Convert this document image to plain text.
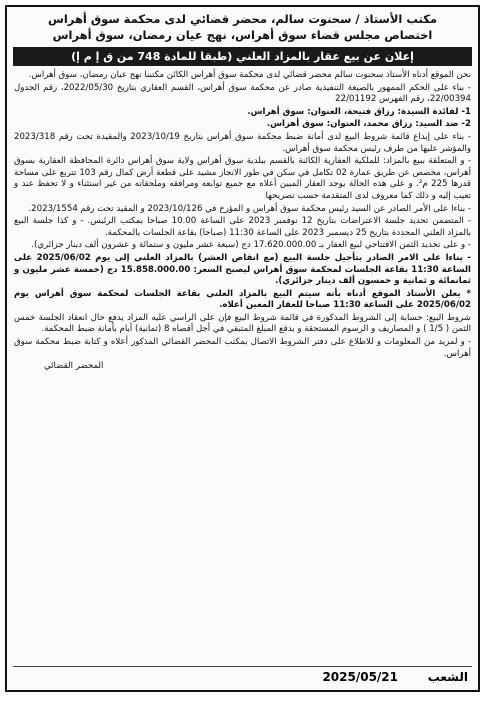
مكتب الأستاذ / سحنوت سالم، محضر قضائي لدى محكمة سوق أهراس
اختصاص مجلس قضاء سوق أهراس، نهج عيان رمضان، سوق أهراس
إعلان عن بيع عقار بالمزاد العلني (طبقا للمادة 748 من ق إ م إ)

نحن الموقع أدناه الأستاذ سحنوت سالم محضر قضائي لدى محكمة سوق أهراس الكائن مكتبنا نهج عيان رمضان، سوق أهراس.

- بناء على الحكم الممهور بالصيغة التنفيذية صادر عن محكمة سوق أهراس، القسم العقاري بتاريخ 2022/05/30، رقم الجدول 22/00394، رقم الفهرس 22/01192

1- لفائدة السيدة: رزاق فتيحة، العنوان: سوق أهراس.

2- ضد السيد: رزاق محمد، العنوان: سوق أهراس.

- بناء على إيداع قائمة شروط البيع لدى أمانة ضبط محكمة سوق أهراس بتاريخ 2023/10/19 والمقيدة تحت رقم 2023/318 والمؤشر عليها من طرف رئيس محكمة سوق أهراس.

- و المتعلقة ببيع بالمزاد: للملكية العقارية الكائنة بالقسم ببلدية سوق أهراس ولاية سوق أهراس دائرة المحافظة العقارية بسوق أهراس، مخصص عن طريق عمارة 02 تكامل في سكن في طور الانجاز مشيد على قطعة أرض كمال رقم 103 تتربع على مساحة قدرها 225 م². و على هذه الحالة يوجد العقار المبين أعلاه مع جميع توابعه ومرافقه وملحقاته من غير استثناء و لا تحفظ عند و تعيب إليه و ذلك كما معروف لدى المتقدمة حسب تصريحها

- بناءا على الأمر الصادر عن السيد رئيس محكمة سوق أهراس و المؤرخ في 2023/10/126 و المقيد تحت رقم 2023/1554.

- المتضمن تحديد جلسة الاعتراضات بتاريخ 12 نوفمبر 2023 على الساعة 10.00 صباحا بمكتب الرئيس. - و كذا جلسة البيع بالمزاد العلني المحددة بتاريخ 25 ديسمبر 2023 على الساعة 11:30 (صباحا) بقاعة الجلسات بالمحكمة.

- و على تحديد الثمن الافتتاحي لبيع العقار بـ 17.620.000.00 دج (سبعة عشر مليون و ستمائة و عشرون ألف دينار جزائري).

- بناءا على الامر الصادر بتأجيل جلسة البيع (مع انقاص العشر) بالمزاد العلني إلى يوم 2025/06/02 على الساعة 11:30 بقاعة الجلسات لمحكمة سوق أهراس ليصبح السعر: 15.858.000.00 دج (خمسة عشر مليون و ثمانمائة و ثمانية و خمسون ألف دينار جزائري).

* يعلن الأستاذ الموقع أدناه بأنه سيتم البيع بالمزاد العلني بقاعة الجلسات لمحكمة سوق أهراس يوم 2025/06/02 على الساعة 11:30 صباحا للعقار المعين أعلاه.

شروط البيع: حسابة إلى الشروط المذكورة في قائمة شروط البيع فإن على الراسي عليه المزاد يدفع حال انعقاد الجلسة خمس الثمن ( 1/5 ) و المصاريف و الرسوم المستحقة و يدفع المبلغ المتبقي في أجل أقصاه 8 (ثمانية) أيام بأمانة ضبط المحكمة.

- و لمزيد من المعلومات و للاطلاع على دفتر الشروط الاتصال بمكتب المحضر القضائي المذكور أعلاه و كتابة ضبط محكمة سوق أهراس.

المحضر القضائي

الشعب
2025/05/21
